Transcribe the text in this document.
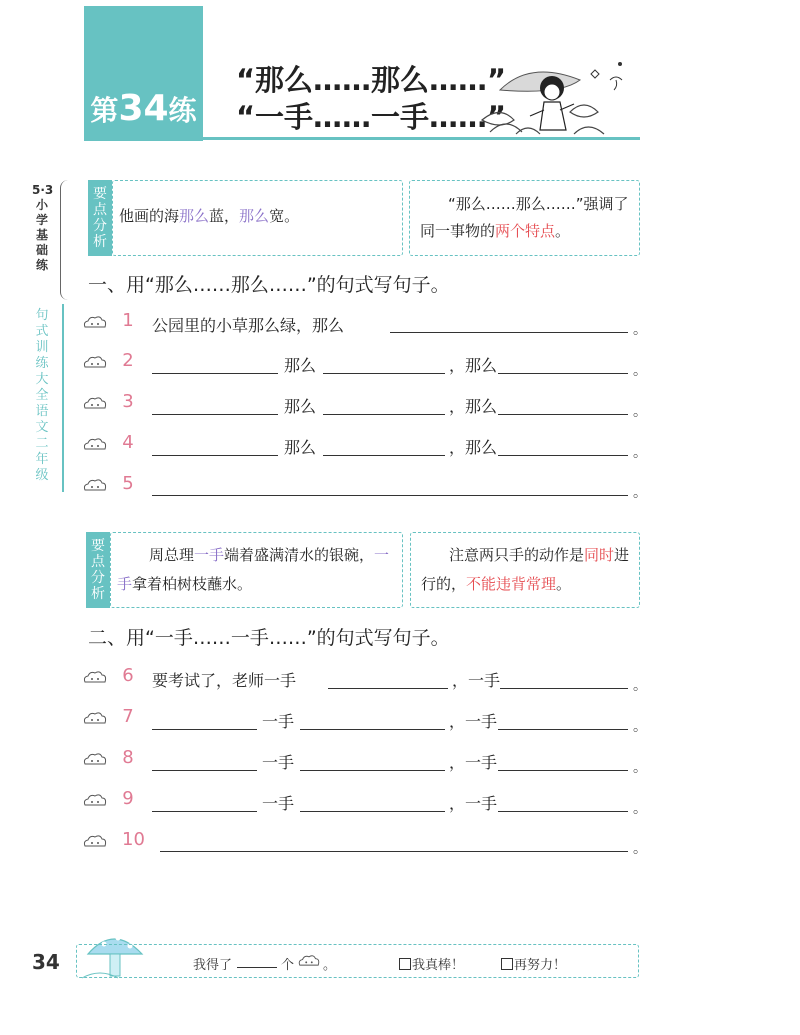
第34练
“那么……那么……”
“一手……一手……”
5·3小学基础练
句式训练大全 语文 二年级
要点分析
他画的海那么蓝，那么宽。
“那么……那么……”强调了同一事物的两个特点。
一、用“那么……那么……”的句式写句子。
1 公园里的小草那么绿，那么	。
2	那么	，那么	。
3	那么	，那么	。
4	那么	，那么	。
5	。
要点分析
周总理一手端着盛满清水的银碗，一手拿着柏树枝蘸水。
注意两只手的动作是同时进行的，不能违背常理。
二、用“一手……一手……”的句式写句子。
6 要考试了，老师一手	，一手	。
7	一手	，一手	。
8	一手	，一手	。
9	一手	，一手	。
10	。
34	我得了	个 。	我真棒！	再努力！
